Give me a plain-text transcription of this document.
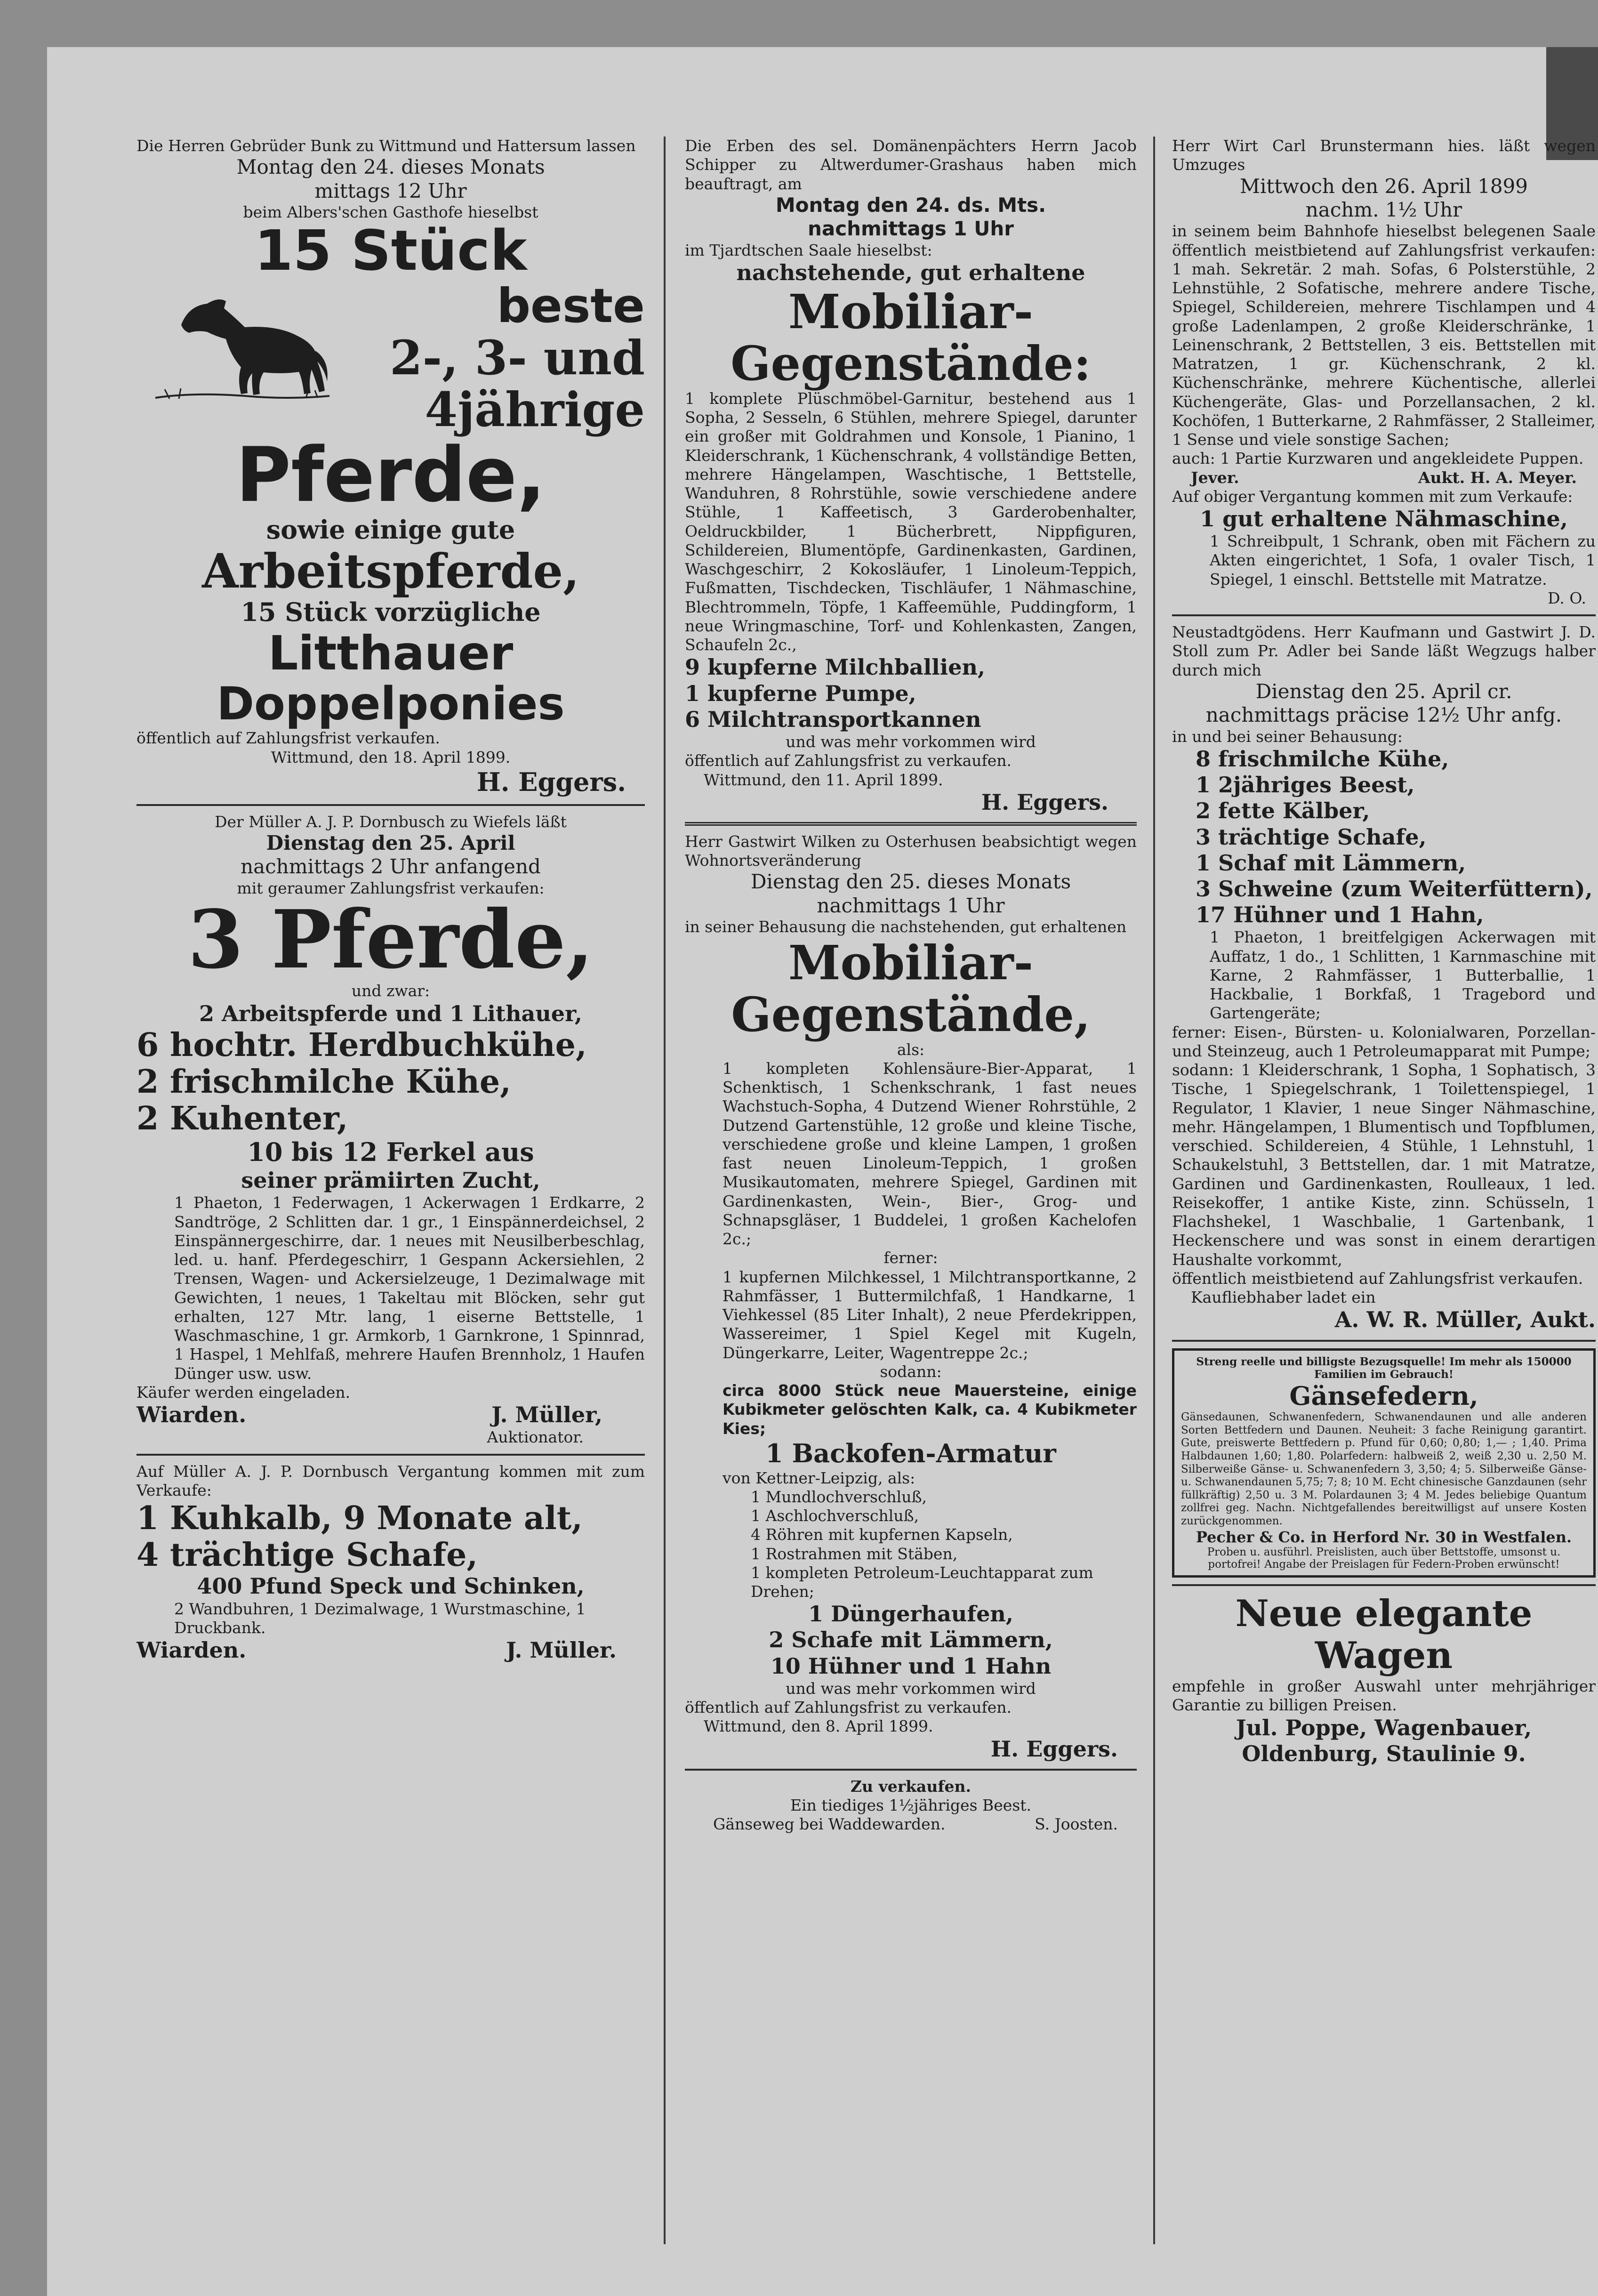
Die Herren Gebrüder Bunk zu Wittmund und Hattersum lassen
Montag den 24. dieses Monats
mittags 12 Uhr
beim Albers'schen Gasthofe hieselbst
15 Stück
beste
2-, 3- und
4jährige
Pferde,
sowie einige gute
Arbeitspferde,
15 Stück vorzügliche
Litthauer
Doppelponies
öffentlich auf Zahlungsfrist verkaufen.
Wittmund, den 18. April 1899.
H. Eggers.
Der Müller A. J. P. Dornbusch zu Wiefels läßt
Dienstag den 25. April
nachmittags 2 Uhr anfangend
mit geraumer Zahlungsfrist verkaufen:
3 Pferde,
und zwar:
2 Arbeitspferde und 1 Lithauer,
6 hochtr. Herdbuchkühe,
2 frischmilche Kühe,
2 Kuhenter,
10 bis 12 Ferkel aus
seiner prämiirten Zucht,
1 Phaeton, 1 Federwagen, 1 Ackerwagen 1 Erdkarre, 2 Sandtröge, 2 Schlitten dar. 1 gr., 1 Einspännerdeichsel, 2 Einspännergeschirre, dar. 1 neues mit Neusilberbeschlag, led. u. hanf. Pferdegeschirr, 1 Gespann Ackersiehlen, 2 Trensen, Wagen- und Ackersielzeuge, 1 Dezimalwage mit Gewichten, 1 neues, 1 Takeltau mit Blöcken, sehr gut erhalten, 127 Mtr. lang, 1 eiserne Bettstelle, 1 Waschmaschine, 1 gr. Armkorb, 1 Garnkrone, 1 Spinnrad, 1 Haspel, 1 Mehlfaß, mehrere Haufen Brennholz, 1 Haufen Dünger usw. usw.
Käufer werden eingeladen.
Wiarden.	J. Müller,
Auktionator.
Auf Müller A. J. P. Dornbusch Vergantung kommen mit zum Verkaufe:
1 Kuhkalb, 9 Monate alt,
4 trächtige Schafe,
400 Pfund Speck und Schinken,
2 Wandbuhren, 1 Dezimalwage, 1 Wurstmaschine, 1 Druckbank.
Wiarden.	J. Müller.
Die Erben des sel. Domänenpächters Herrn Jacob Schipper zu Altwerdumer-Grashaus haben mich beauftragt, am
Montag den 24. ds. Mts.
nachmittags 1 Uhr
im Tjardtschen Saale hieselbst:
nachstehende, gut erhaltene
Mobiliar-
Gegenstände:
1 komplete Plüschmöbel-Garnitur, bestehend aus 1 Sopha, 2 Sesseln, 6 Stühlen, mehrere Spiegel, darunter ein großer mit Goldrahmen und Konsole, 1 Pianino, 1 Kleiderschrank, 1 Küchenschrank, 4 vollständige Betten, mehrere Hängelampen, Waschtische, 1 Bettstelle, Wanduhren, 8 Rohrstühle, sowie verschiedene andere Stühle, 1 Kaffeetisch, 3 Garderobenhalter, Oeldruckbilder, 1 Bücherbrett, Nippfiguren, Schildereien, Blumentöpfe, Gardinenkasten, Gardinen, Waschgeschirr, 2 Kokosläufer, 1 Linoleum-Teppich, Fußmatten, Tischdecken, Tischläufer, 1 Nähmaschine, Blechtrommeln, Töpfe, 1 Kaffeemühle, Puddingform, 1 neue Wringmaschine, Torf- und Kohlenkasten, Zangen, Schaufeln 2c.,
9 kupferne Milchballien,
1 kupferne Pumpe,
6 Milchtransportkannen
und was mehr vorkommen wird
öffentlich auf Zahlungsfrist zu verkaufen.
Wittmund, den 11. April 1899.
H. Eggers.
Herr Gastwirt Wilken zu Osterhusen beabsichtigt wegen Wohnortsveränderung
Dienstag den 25. dieses Monats
nachmittags 1 Uhr
in seiner Behausung die nachstehenden, gut erhaltenen
Mobiliar-
Gegenstände,
als:
1 kompleten Kohlensäure-Bier-Apparat, 1 Schenktisch, 1 Schenkschrank, 1 fast neues Wachstuch-Sopha, 4 Dutzend Wiener Rohrstühle, 2 Dutzend Gartenstühle, 12 große und kleine Tische, verschiedene große und kleine Lampen, 1 großen fast neuen Linoleum-Teppich, 1 großen Musikautomaten, mehrere Spiegel, Gardinen mit Gardinenkasten, Wein-, Bier-, Grog- und Schnapsgläser, 1 Buddelei, 1 großen Kachelofen 2c.;
ferner:
1 kupfernen Milchkessel, 1 Milchtransportkanne, 2 Rahmfässer, 1 Buttermilchfaß, 1 Handkarne, 1 Viehkessel (85 Liter Inhalt), 2 neue Pferdekrippen, Wassereimer, 1 Spiel Kegel mit Kugeln, Düngerkarre, Leiter, Wagentreppe 2c.;
sodann:
circa 8000 Stück neue Mauersteine, einige Kubikmeter gelöschten Kalk, ca. 4 Kubikmeter Kies;
1 Backofen-Armatur
von Kettner-Leipzig, als:
1 Mundlochverschluß,
1 Aschlochverschluß,
4 Röhren mit kupfernen Kapseln,
1 Rostrahmen mit Stäben,
1 kompleten Petroleum-Leuchtapparat zum Drehen;
1 Düngerhaufen,
2 Schafe mit Lämmern,
10 Hühner und 1 Hahn
und was mehr vorkommen wird
öffentlich auf Zahlungsfrist zu verkaufen.
Wittmund, den 8. April 1899.
H. Eggers.
Zu verkaufen.
Ein tiediges 1½jähriges Beest.
Gänseweg bei Waddewarden.	S. Joosten.
Herr Wirt Carl Brunstermann hies. läßt wegen Umzuges
Mittwoch den 26. April 1899
nachm. 1½ Uhr
in seinem beim Bahnhofe hieselbst belegenen Saale öffentlich meistbietend auf Zahlungsfrist verkaufen: 1 mah. Sekretär. 2 mah. Sofas, 6 Polsterstühle, 2 Lehnstühle, 2 Sofatische, mehrere andere Tische, Spiegel, Schildereien, mehrere Tischlampen und 4 große Ladenlampen, 2 große Kleiderschränke, 1 Leinenschrank, 2 Bettstellen, 3 eis. Bettstellen mit Matratzen, 1 gr. Küchenschrank, 2 kl. Küchenschränke, mehrere Küchentische, allerlei Küchengeräte, Glas- und Porzellansachen, 2 kl. Kochöfen, 1 Butterkarne, 2 Rahmfässer, 2 Stalleimer, 1 Sense und viele sonstige Sachen;
auch: 1 Partie Kurzwaren und angekleidete Puppen.
Jever.	Aukt. H. A. Meyer.
Auf obiger Vergantung kommen mit zum Verkaufe:
1 gut erhaltene Nähmaschine,
1 Schreibpult, 1 Schrank, oben mit Fächern zu Akten eingerichtet, 1 Sofa, 1 ovaler Tisch, 1 Spiegel, 1 einschl. Bettstelle mit Matratze.
D. O.
Neustadtgödens. Herr Kaufmann und Gastwirt J. D. Stoll zum Pr. Adler bei Sande läßt Wegzugs halber durch mich
Dienstag den 25. April cr.
nachmittags präcise 12½ Uhr anfg.
in und bei seiner Behausung:
8 frischmilche Kühe,
1 2jähriges Beest,
2 fette Kälber,
3 trächtige Schafe,
1 Schaf mit Lämmern,
3 Schweine (zum Weiterfüttern),
17 Hühner und 1 Hahn,
1 Phaeton, 1 breitfelgigen Ackerwagen mit Auffatz, 1 do., 1 Schlitten, 1 Karnmaschine mit Karne, 2 Rahmfässer, 1 Butterballie, 1 Hackbalie, 1 Borkfaß, 1 Tragebord und Gartengeräte;
ferner: Eisen-, Bürsten- u. Kolonialwaren, Porzellan- und Steinzeug, auch 1 Petroleumapparat mit Pumpe;
sodann: 1 Kleiderschrank, 1 Sopha, 1 Sophatisch, 3 Tische, 1 Spiegelschrank, 1 Toilettenspiegel, 1 Regulator, 1 Klavier, 1 neue Singer Nähmaschine, mehr. Hängelampen, 1 Blumentisch und Topfblumen, verschied. Schildereien, 4 Stühle, 1 Lehnstuhl, 1 Schaukelstuhl, 3 Bettstellen, dar. 1 mit Matratze, Gardinen und Gardinenkasten, Roulleaux, 1 led. Reisekoffer, 1 antike Kiste, zinn. Schüsseln, 1 Flachshekel, 1 Waschbalie, 1 Gartenbank, 1 Heckenschere und was sonst in einem derartigen Haushalte vorkommt,
öffentlich meistbietend auf Zahlungsfrist verkaufen.
Kaufliebhaber ladet ein
A. W. R. Müller, Aukt.
Streng reelle und billigste Bezugsquelle! Im mehr als 150000 Familien im Gebrauch!
Gänsefedern,
Gänsedaunen, Schwanenfedern, Schwanendaunen und alle anderen Sorten Bettfedern und Daunen. Neuheit: 3 fache Reinigung garantirt. Gute, preiswerte Bettfedern p. Pfund für 0,60; 0,80; 1,— ; 1,40. Prima Halbdaunen 1,60; 1,80. Polarfedern: halbweiß 2, weiß 2,30 u. 2,50 M. Silberweiße Gänse- u. Schwanenfedern 3, 3,50; 4; 5. Silberweiße Gänse- u. Schwanendaunen 5,75; 7; 8; 10 M. Echt chinesische Ganzdaunen (sehr füllkräftig) 2,50 u. 3 M. Polardaunen 3; 4 M. Jedes beliebige Quantum zollfrei geg. Nachn. Nichtgefallendes bereitwilligst auf unsere Kosten zurückgenommen.
Pecher & Co. in Herford Nr. 30 in Westfalen.
Proben u. ausführl. Preislisten, auch über Bettstoffe, umsonst u. portofrei! Angabe der Preislagen für Federn-Proben erwünscht!
Neue elegante Wagen
empfehle in großer Auswahl unter mehrjähriger Garantie zu billigen Preisen.
Jul. Poppe, Wagenbauer,
Oldenburg, Staulinie 9.
